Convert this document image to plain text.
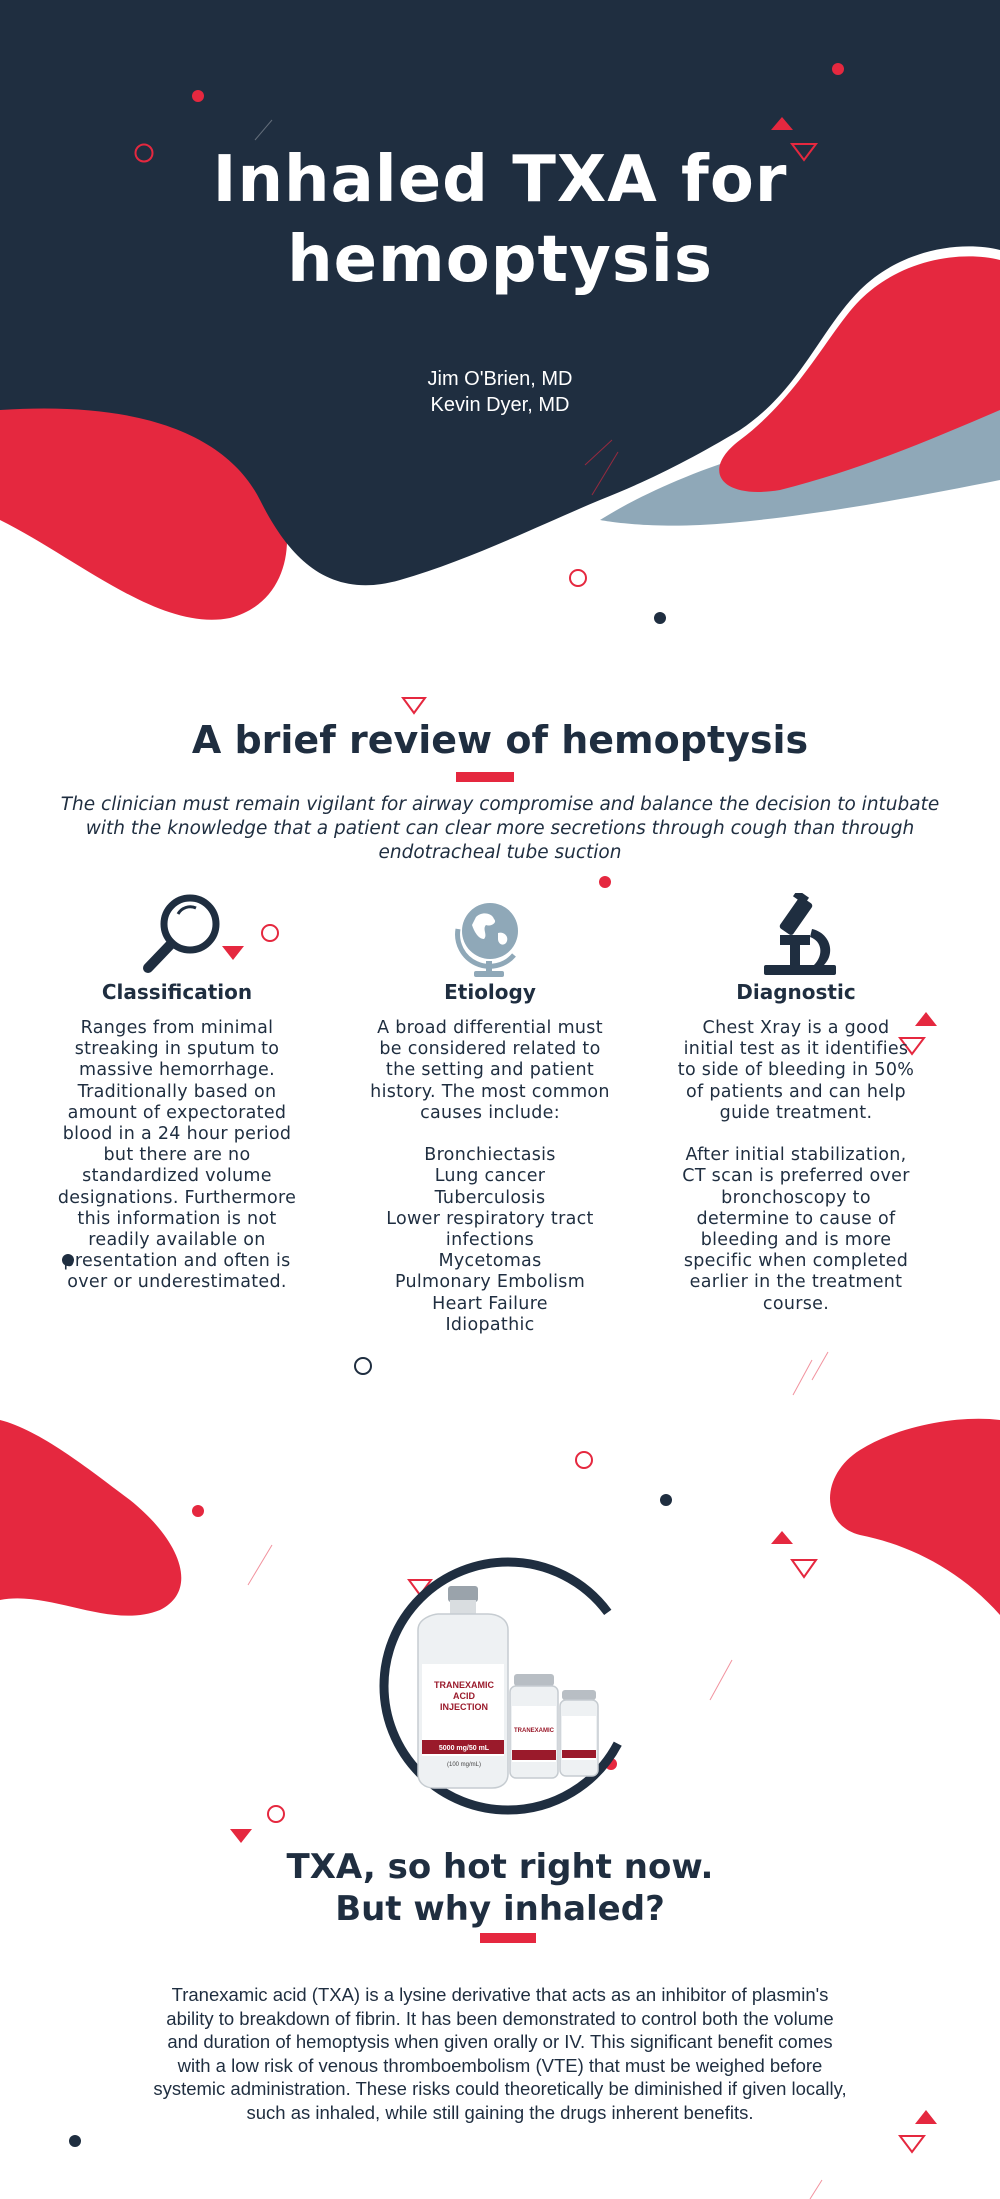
Inhaled TXA for
hemoptysis
Jim O'Brien, MD
Kevin Dyer, MD
A brief review of hemoptysis
The clinician must remain vigilant for airway compromise and balance the decision to intubate with the knowledge that a patient can clear more secretions through cough than through endotracheal tube suction
Classification
Ranges from minimal streaking in sputum to massive hemorrhage. Traditionally based on amount of expectorated blood in a 24 hour period but there are no standardized volume designations. Furthermore this information is not readily available on presentation and often is over or underestimated.
Etiology
A broad differential must be considered related to the setting and patient history. The most common causes include:

Bronchiectasis
Lung cancer
Tuberculosis
Lower respiratory tract infections
Mycetomas
Pulmonary Embolism
Heart Failure
Idiopathic
Diagnostic
Chest Xray is a good initial test as it identifies to side of bleeding in 50% of patients and can help guide treatment.

After initial stabilization, CT scan is preferred over bronchoscopy to determine to cause of bleeding and is more specific when completed earlier in the treatment course.
TRANEXAMIC
ACID
INJECTION
5000 mg/50 mL
(100 mg/mL)
TRANEXAMIC
TXA, so hot right now.
But why inhaled?
Tranexamic acid (TXA) is a lysine derivative that acts as an inhibitor of plasmin's ability to breakdown of fibrin. It has been demonstrated to control both the volume and duration of hemoptysis when given orally or IV. This significant benefit comes with a low risk of venous thromboembolism (VTE) that must be weighed before systemic administration. These risks could theoretically be diminished if given locally, such as inhaled, while still gaining the drugs inherent benefits.
